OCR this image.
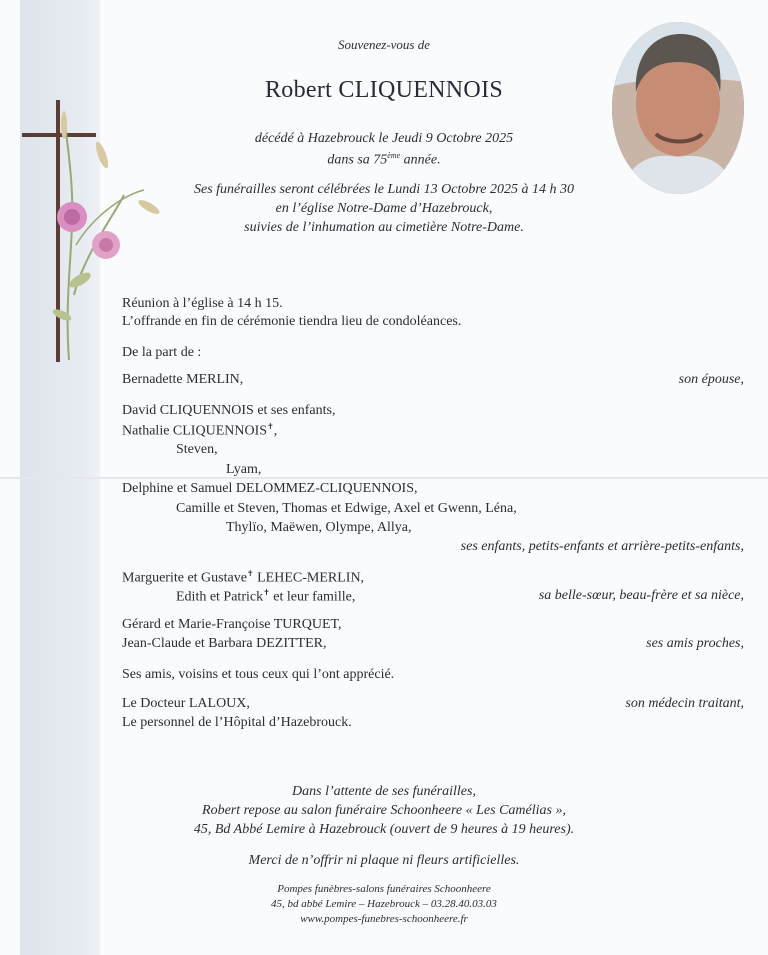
Souvenez-vous de
Robert CLIQUENNOIS
décédé à Hazebrouck le Jeudi 9 Octobre 2025
dans sa 75ème année.
Ses funérailles seront célébrées le Lundi 13 Octobre 2025 à 14 h 30
en l’église Notre-Dame d’Hazebrouck,
suivies de l’inhumation au cimetière Notre-Dame.
Réunion à l’église à 14 h 15.
L’offrande en fin de cérémonie tiendra lieu de condoléances.
De la part de :
Bernadette MERLIN,	son épouse,
David CLIQUENNOIS et ses enfants,
Nathalie CLIQUENNOIS✝,
Steven,
Lyam,
Delphine et Samuel DELOMMEZ-CLIQUENNOIS,
Camille et Steven, Thomas et Edwige, Axel et Gwenn, Léna,
Thylïo, Maëwen, Olympe, Allya,
ses enfants, petits-enfants et arrière-petits-enfants,
Marguerite et Gustave✝ LEHEC-MERLIN,
Edith et Patrick✝ et leur famille,	sa belle-sœur, beau-frère et sa nièce,
Gérard et Marie-Françoise TURQUET,
Jean-Claude et Barbara DEZITTER,	ses amis proches,
Ses amis, voisins et tous ceux qui l’ont apprécié.
Le Docteur LALOUX,	son médecin traitant,
Le personnel de l’Hôpital d’Hazebrouck.
Dans l’attente de ses funérailles,
Robert repose au salon funéraire Schoonheere « Les Camélias »,
45, Bd Abbé Lemire à Hazebrouck (ouvert de 9 heures à 19 heures).
Merci de n’offrir ni plaque ni fleurs artificielles.
Pompes funèbres-salons funéraires Schoonheere
45, bd abbé Lemire – Hazebrouck – 03.28.40.03.03
www.pompes-funebres-schoonheere.fr
